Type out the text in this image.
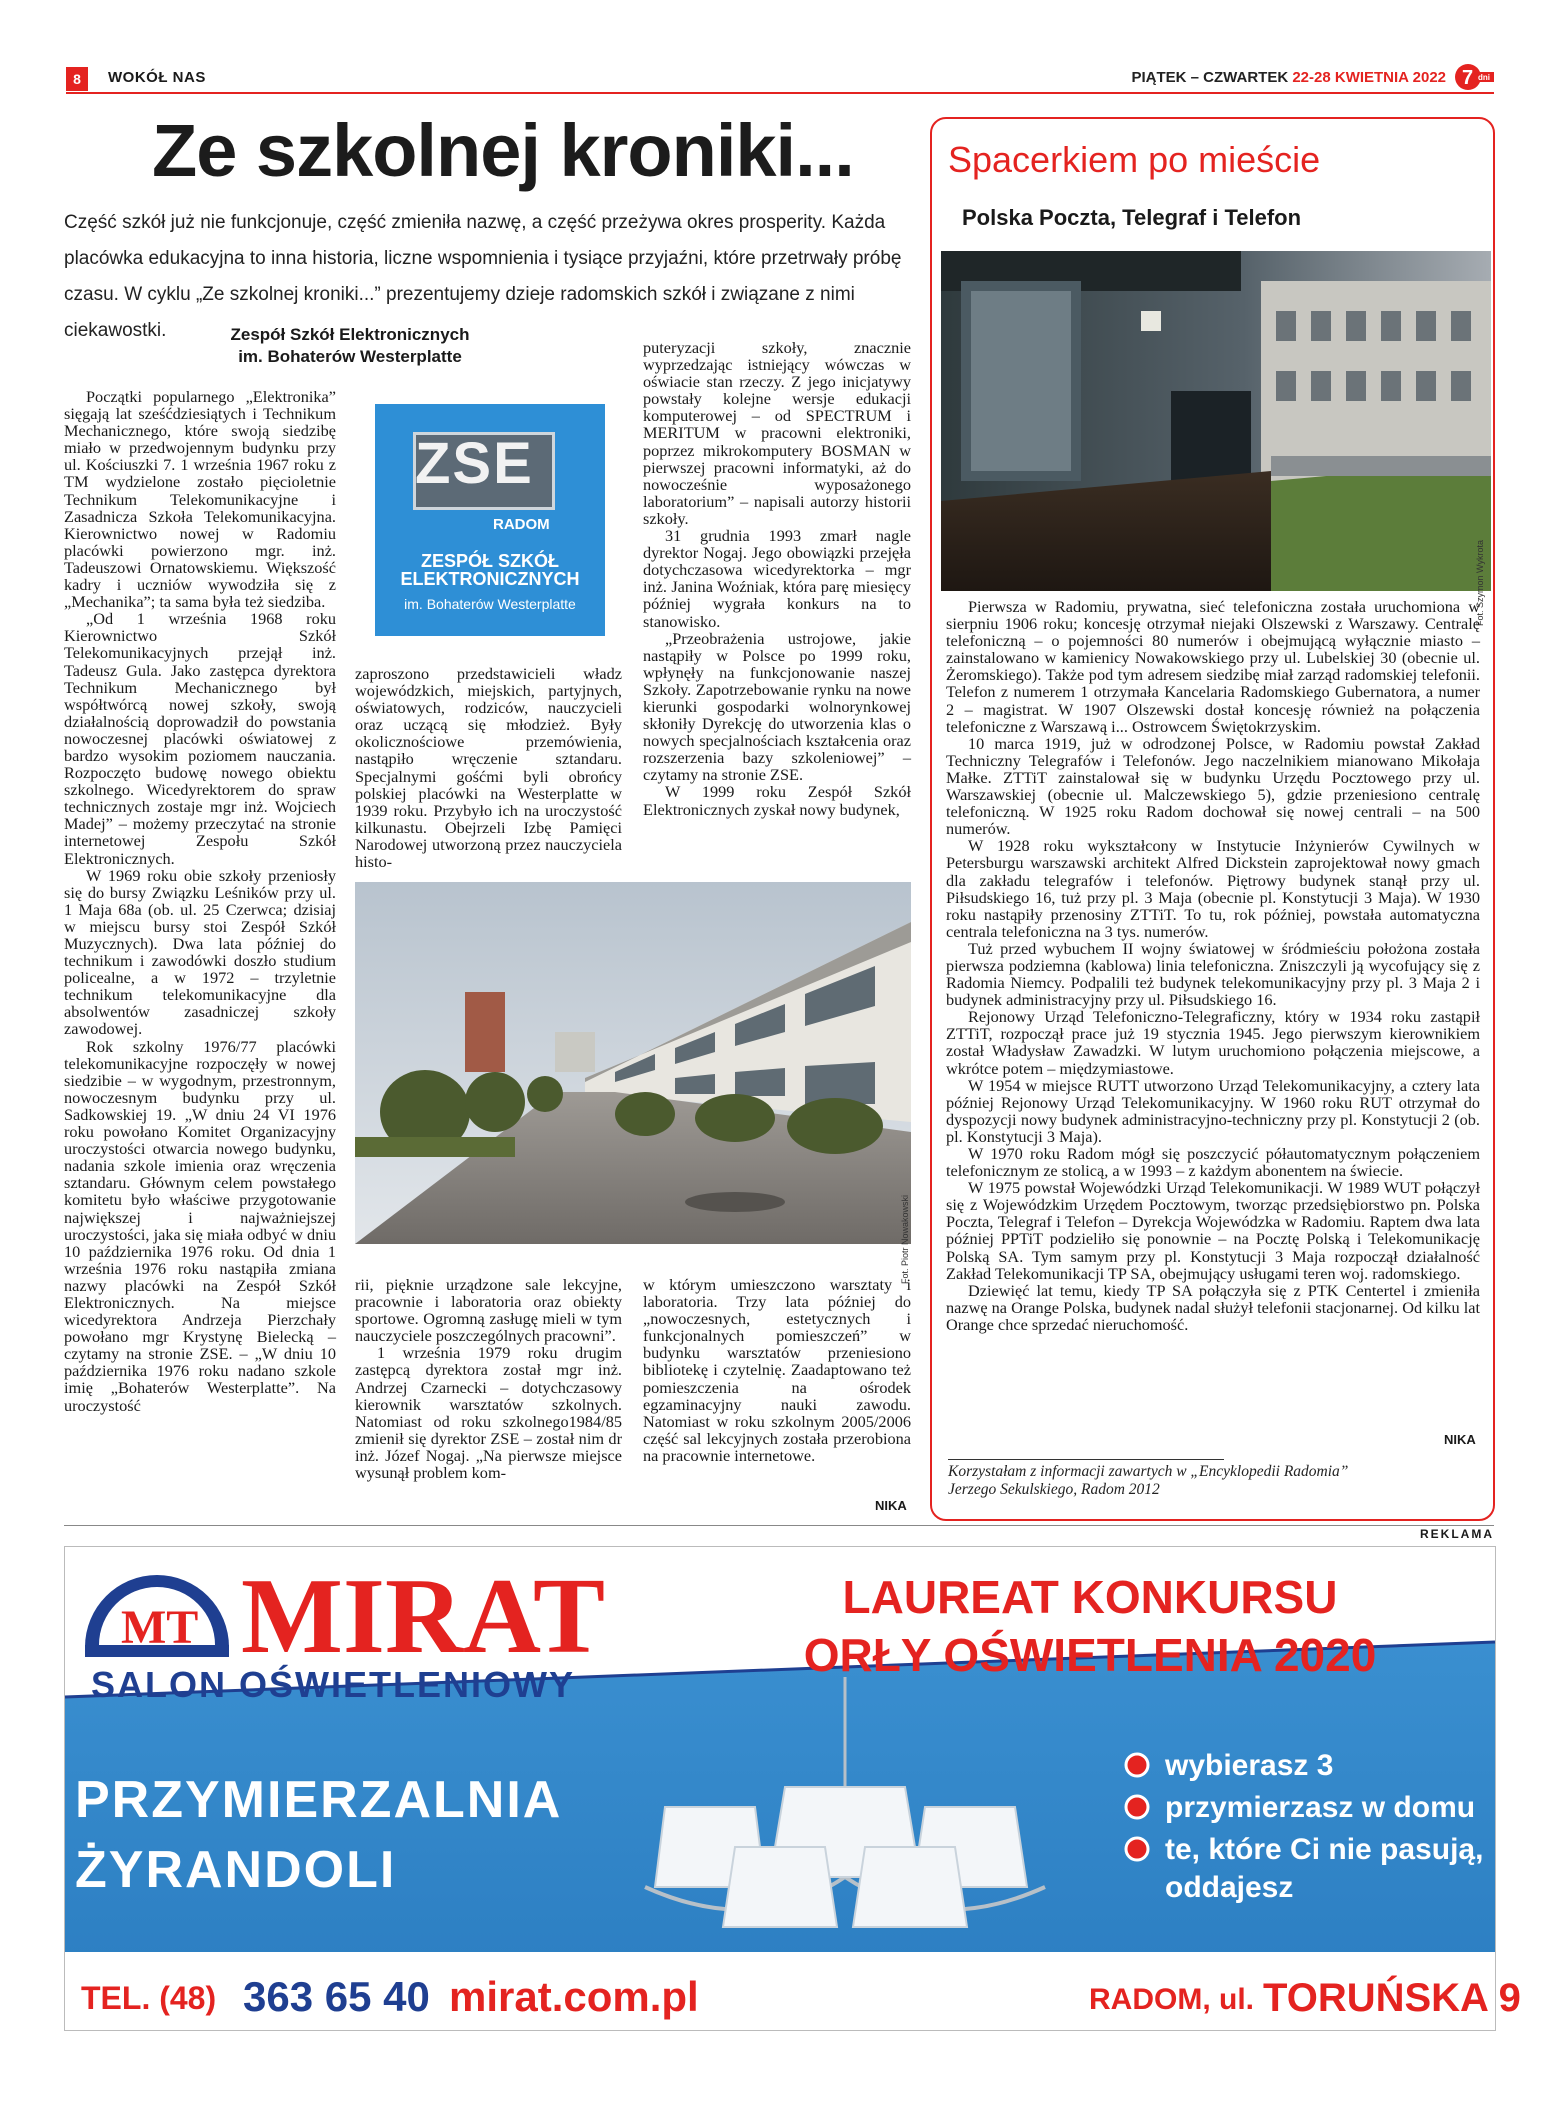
8	WOKÓŁ NAS	PIĄTEK – CZWARTEK 22-28 KWIETNIA 2022 7 dni
Ze szkolnej kroniki...
Część szkół już nie funkcjonuje, część zmieniła nazwę, a część przeżywa okres prosperity. Każda placówka edukacyjna to inna historia, liczne wspomnienia i tysiące przyjaźni, które przetrwały próbę czasu. W cyklu „Ze szkolnej kroniki...” prezentujemy dzieje radomskich szkół i związane z nimi ciekawostki.	Zespół Szkół Elektronicznych
im. Bohaterów Westerplatte
ZSE
RADOM
ZESPÓŁ SZKÓŁ
ELEKTRONICZNYCH
im. Bohaterów Westerplatte

Początki popularnego „Elektronika” sięgają lat sześćdziesiątych i Technikum Mechanicznego, które swoją siedzibę miało w przedwojennym budynku przy ul. Kościuszki 7. 1 września 1967 roku z TM wydzielone zostało pięcioletnie Technikum Telekomunikacyjne i Zasadnicza Szkoła Telekomunikacyjna. Kierownictwo nowej w Radomiu placówki powierzono mgr. inż. Tadeuszowi Ornatowskiemu. Większość kadry i uczniów wywodziła się z „Mechanika”; ta sama była też siedziba.

„Od 1 września 1968 roku Kierownictwo Szkół Telekomunikacyjnych przejął inż. Tadeusz Gula. Jako zastępca dyrektora Technikum Mechanicznego był współtwórcą nowej szkoły, swoją działalnością doprowadził do powstania nowoczesnej placówki oświatowej z bardzo wysokim poziomem nauczania. Rozpoczęto budowę nowego obiektu szkolnego. Wicedyrektorem do spraw technicznych zostaje mgr inż. Wojciech Madej” – możemy przeczytać na stronie internetowej Zespołu Szkół Elektronicznych.

W 1969 roku obie szkoły przeniosły się do bursy Związku Leśników przy ul. 1 Maja 68a (ob. ul. 25 Czerwca; dzisiaj w miejscu bursy stoi Zespół Szkół Muzycznych). Dwa lata później do technikum i zawodówki doszło studium policealne, a w 1972 – trzyletnie technikum telekomunikacyjne dla absolwentów zasadniczej szkoły zawodowej.

Rok szkolny 1976/77 placówki telekomunikacyjne rozpoczęły w nowej siedzibie – w wygodnym, przestronnym, nowoczesnym budynku przy ul. Sadkowskiej 19. „W dniu 24 VI 1976 roku powołano Komitet Organizacyjny uroczystości otwarcia nowego budynku, nadania szkole imienia oraz wręczenia sztandaru. Głównym celem powstałego komitetu było właściwe przygotowanie największej i najważniejszej uroczystości, jaka się miała odbyć w dniu 10 października 1976 roku. Od dnia 1 września 1976 roku nastąpiła zmiana nazwy placówki na Zespół Szkół Elektronicznych. Na miejsce wicedyrektora Andrzeja Pierzchały powołano mgr Krystynę Bielecką – czytamy na stronie ZSE. – „W dniu 10 października 1976 roku nadano szkole imię „Bohaterów Westerplatte”. Na uroczystość

zaproszono przedstawicieli władz wojewódzkich, miejskich, partyjnych, oświatowych, rodziców, nauczycieli oraz uczącą się młodzież. Były okolicznościowe przemówienia, nastąpiło wręczenie sztandaru. Specjalnymi gośćmi byli obrońcy polskiej placówki na Westerplatte w 1939 roku. Przybyło ich na uroczystość kilkunastu. Obejrzeli Izbę Pamięci Narodowej utworzoną przez nauczyciela histo-

puteryzacji szkoły, znacznie wyprzedzając istniejący wówczas w oświacie stan rzeczy. Z jego inicjatywy powstały kolejne wersje edukacji komputerowej – od SPECTRUM i MERITUM w pracowni elektroniki, poprzez mikrokomputery BOSMAN w pierwszej pracowni informatyki, aż do nowocześnie wyposażonego laboratorium” – napisali autorzy historii szkoły.

31 grudnia 1993 zmarł nagle dyrektor Nogaj. Jego obowiązki przejęła dotychczasowa wicedyrektorka – mgr inż. Janina Woźniak, która parę miesięcy później wygrała konkurs na to stanowisko.

„Przeobrażenia ustrojowe, jakie nastąpiły w Polsce po 1999 roku, wpłynęły na funkcjonowanie naszej Szkoły. Zapotrzebowanie rynku na nowe kierunki gospodarki wolnorynkowej skłoniły Dyrekcję do utworzenia klas o nowych specjalnościach kształcenia oraz rozszerzenia bazy szkoleniowej” – czytamy na stronie ZSE.

W 1999 roku Zespół Szkół Elektronicznych zyskał nowy budynek,

Fot. Piotr Nowakowski

rii, pięknie urządzone sale lekcyjne, pracownie i laboratoria oraz obiekty sportowe. Ogromną zasługę mieli w tym nauczyciele poszczególnych pracowni”.

1 września 1979 roku drugim zastępcą dyrektora został mgr inż. Andrzej Czarnecki – dotychczasowy kierownik warsztatów szkolnych. Natomiast od roku szkolnego1984/85 zmienił się dyrektor ZSE – został nim dr inż. Józef Nogaj. „Na pierwsze miejsce wysunął problem kom-

w którym umieszczono warsztaty i laboratoria. Trzy lata później do „nowoczesnych, estetycznych i funkcjonalnych pomieszczeń” w budynku warsztatów przeniesiono bibliotekę i czytelnię. Zaadaptowano też pomieszczenia na ośrodek egzaminacyjny nauki zawodu. Natomiast w roku szkolnym 2005/2006 część sal lekcyjnych została przerobiona na pracownie internetowe.

NIKA
Spacerkiem po mieście
Polska Poczta, Telegraf i Telefon
Fot. Szymon Wykrota

Pierwsza w Radomiu, prywatna, sieć telefoniczna została uruchomiona w sierpniu 1906 roku; koncesję otrzymał niejaki Olszewski z Warszawy. Centralę telefoniczną – o pojemności 80 numerów i obejmującą wyłącznie miasto – zainstalowano w kamienicy Nowakowskiego przy ul. Lubelskiej 30 (obecnie ul. Żeromskiego). Także pod tym adresem siedzibę miał zarząd radomskiej telefonii. Telefon z numerem 1 otrzymała Kancelaria Radomskiego Gubernatora, a numer 2 – magistrat. W 1907 Olszewski dostał koncesję również na połączenia telefoniczne z Warszawą i... Ostrowcem Świętokrzyskim.

10 marca 1919, już w odrodzonej Polsce, w Radomiu powstał Zakład Techniczny Telegrafów i Telefonów. Jego naczelnikiem mianowano Mikołaja Małke. ZTTiT zainstalował się w budynku Urzędu Pocztowego przy ul. Warszawskiej (obecnie ul. Malczewskiego 5), gdzie przeniesiono centralę telefoniczną. W 1925 roku Radom dochował się nowej centrali – na 500 numerów.

W 1928 roku wykształcony w Instytucie Inżynierów Cywilnych w Petersburgu warszawski architekt Alfred Dickstein zaprojektował nowy gmach dla zakładu telegrafów i telefonów. Piętrowy budynek stanął przy ul. Piłsudskiego 16, tuż przy pl. 3 Maja (obecnie pl. Konstytucji 3 Maja). W 1930 roku nastąpiły przenosiny ZTTiT. To tu, rok później, powstała automatyczna centrala telefoniczna na 3 tys. numerów.

Tuż przed wybuchem II wojny światowej w śródmieściu położona została pierwsza podziemna (kablowa) linia telefoniczna. Zniszczyli ją wycofujący się z Radomia Niemcy. Podpalili też budynek telekomunikacyjny przy pl. 3 Maja 2 i budynek administracyjny przy ul. Piłsudskiego 16.

Rejonowy Urząd Telefoniczno-Telegraficzny, który w 1934 roku zastąpił ZTTiT, rozpoczął prace już 19 stycznia 1945. Jego pierwszym kierownikiem został Władysław Zawadzki. W lutym uruchomiono połączenia miejscowe, a wkrótce potem – międzymiastowe.

W 1954 w miejsce RUTT utworzono Urząd Telekomunikacyjny, a cztery lata później Rejonowy Urząd Telekomunikacyjny. W 1960 roku RUT otrzymał do dyspozycji nowy budynek administracyjno-techniczny przy pl. Konstytucji 2 (ob. pl. Konstytucji 3 Maja).

W 1970 roku Radom mógł się poszczycić półautomatycznym połączeniem telefonicznym ze stolicą, a w 1993 – z każdym abonentem na świecie.

W 1975 powstał Wojewódzki Urząd Telekomunikacji. W 1989 WUT połączył się z Wojewódzkim Urzędem Pocztowym, tworząc przedsiębiorstwo pn. Polska Poczta, Telegraf i Telefon – Dyrekcja Wojewódzka w Radomiu. Raptem dwa lata później PPTiT podzieliło się ponownie – na Pocztę Polską i Telekomunikację Polską SA. Tym samym przy pl. Konstytucji 3 Maja rozpoczął działalność Zakład Telekomunikacji TP SA, obejmujący usługami teren woj. radomskiego.

Dziewięć lat temu, kiedy TP SA połączyła się z PTK Centertel i zmieniła nazwę na Orange Polska, budynek nadal służył telefonii stacjonarnej. Od kilku lat Orange chce sprzedać nieruchomość.

NIKA
Korzystałam z informacji zawartych w „Encyklopedii Radomia”
Jerzego Sekulskiego, Radom 2012
REKLAMA
MT MIRAT
SALON OŚWIETLENIOWY
LAUREAT KONKURSU
ORŁY OŚWIETLENIA 2020
PRZYMIERZALNIA
ŻYRANDOLI
wybierasz 3
przymierzasz w domu
te, które Ci nie pasują,
oddajesz
TEL. (48) 363 65 40 mirat.com.pl	RADOM, ul. TORUŃSKA 9
